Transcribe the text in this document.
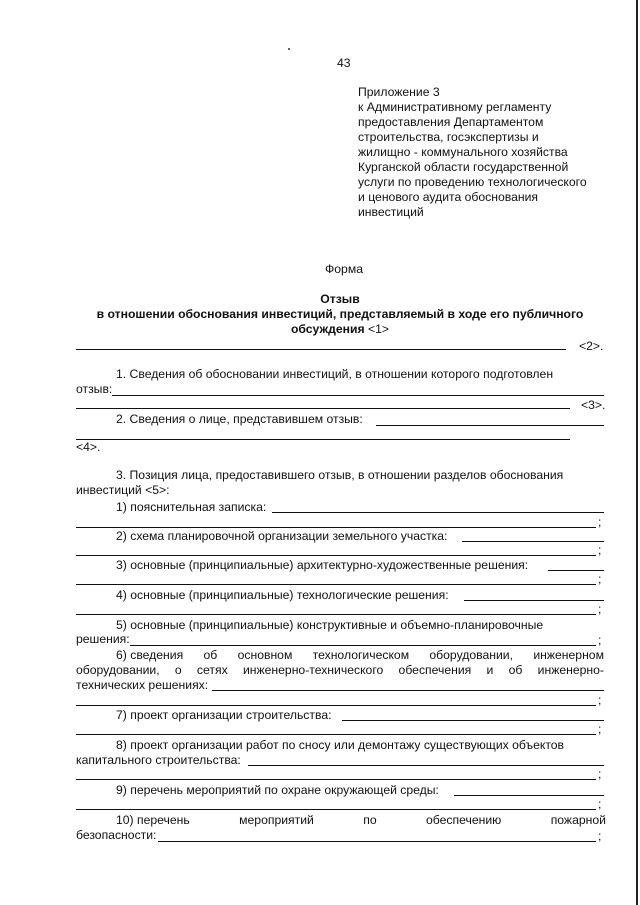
43
Приложение 3
к Административному регламенту
предоставления Департаментом
строительства, госэкспертизы и
жилищно - коммунального хозяйства
Курганской области государственной
услуги по проведению технологического
и ценового аудита обоснования
инвестиций
Форма
Отзыв
в отношении обоснования инвестиций, представляемый в ходе его публичного
обсуждения <1>
<2>.
1. Сведения об обосновании инвестиций, в отношении которого подготовлен
отзыв:
<3>.
2. Сведения о лице, представившем отзыв:
<4>.
3. Позиция лица, предоставившего отзыв, в отношении разделов обоснования
инвестиций <5>:
1) пояснительная записка:
;
2) схема планировочной организации земельного участка:
;
3) основные (принципиальные) архитектурно-художественные решения:
;
4) основные (принципиальные) технологические решения:
;
5) основные (принципиальные) конструктивные и объемно-планировочные
решения:	;
6) сведения об основном технологическом оборудовании, инженерном
оборудовании, о сетях инженерно-технического обеспечения и об инженерно-
технических решениях:
;
7) проект организации строительства:
;
8) проект организации работ по сносу или демонтажу существующих объектов
капитального строительства:
;
9) перечень мероприятий по охране окружающей среды:
;
10) перечень	мероприятий	по	обеспечению	пожарной
безопасности:	;
